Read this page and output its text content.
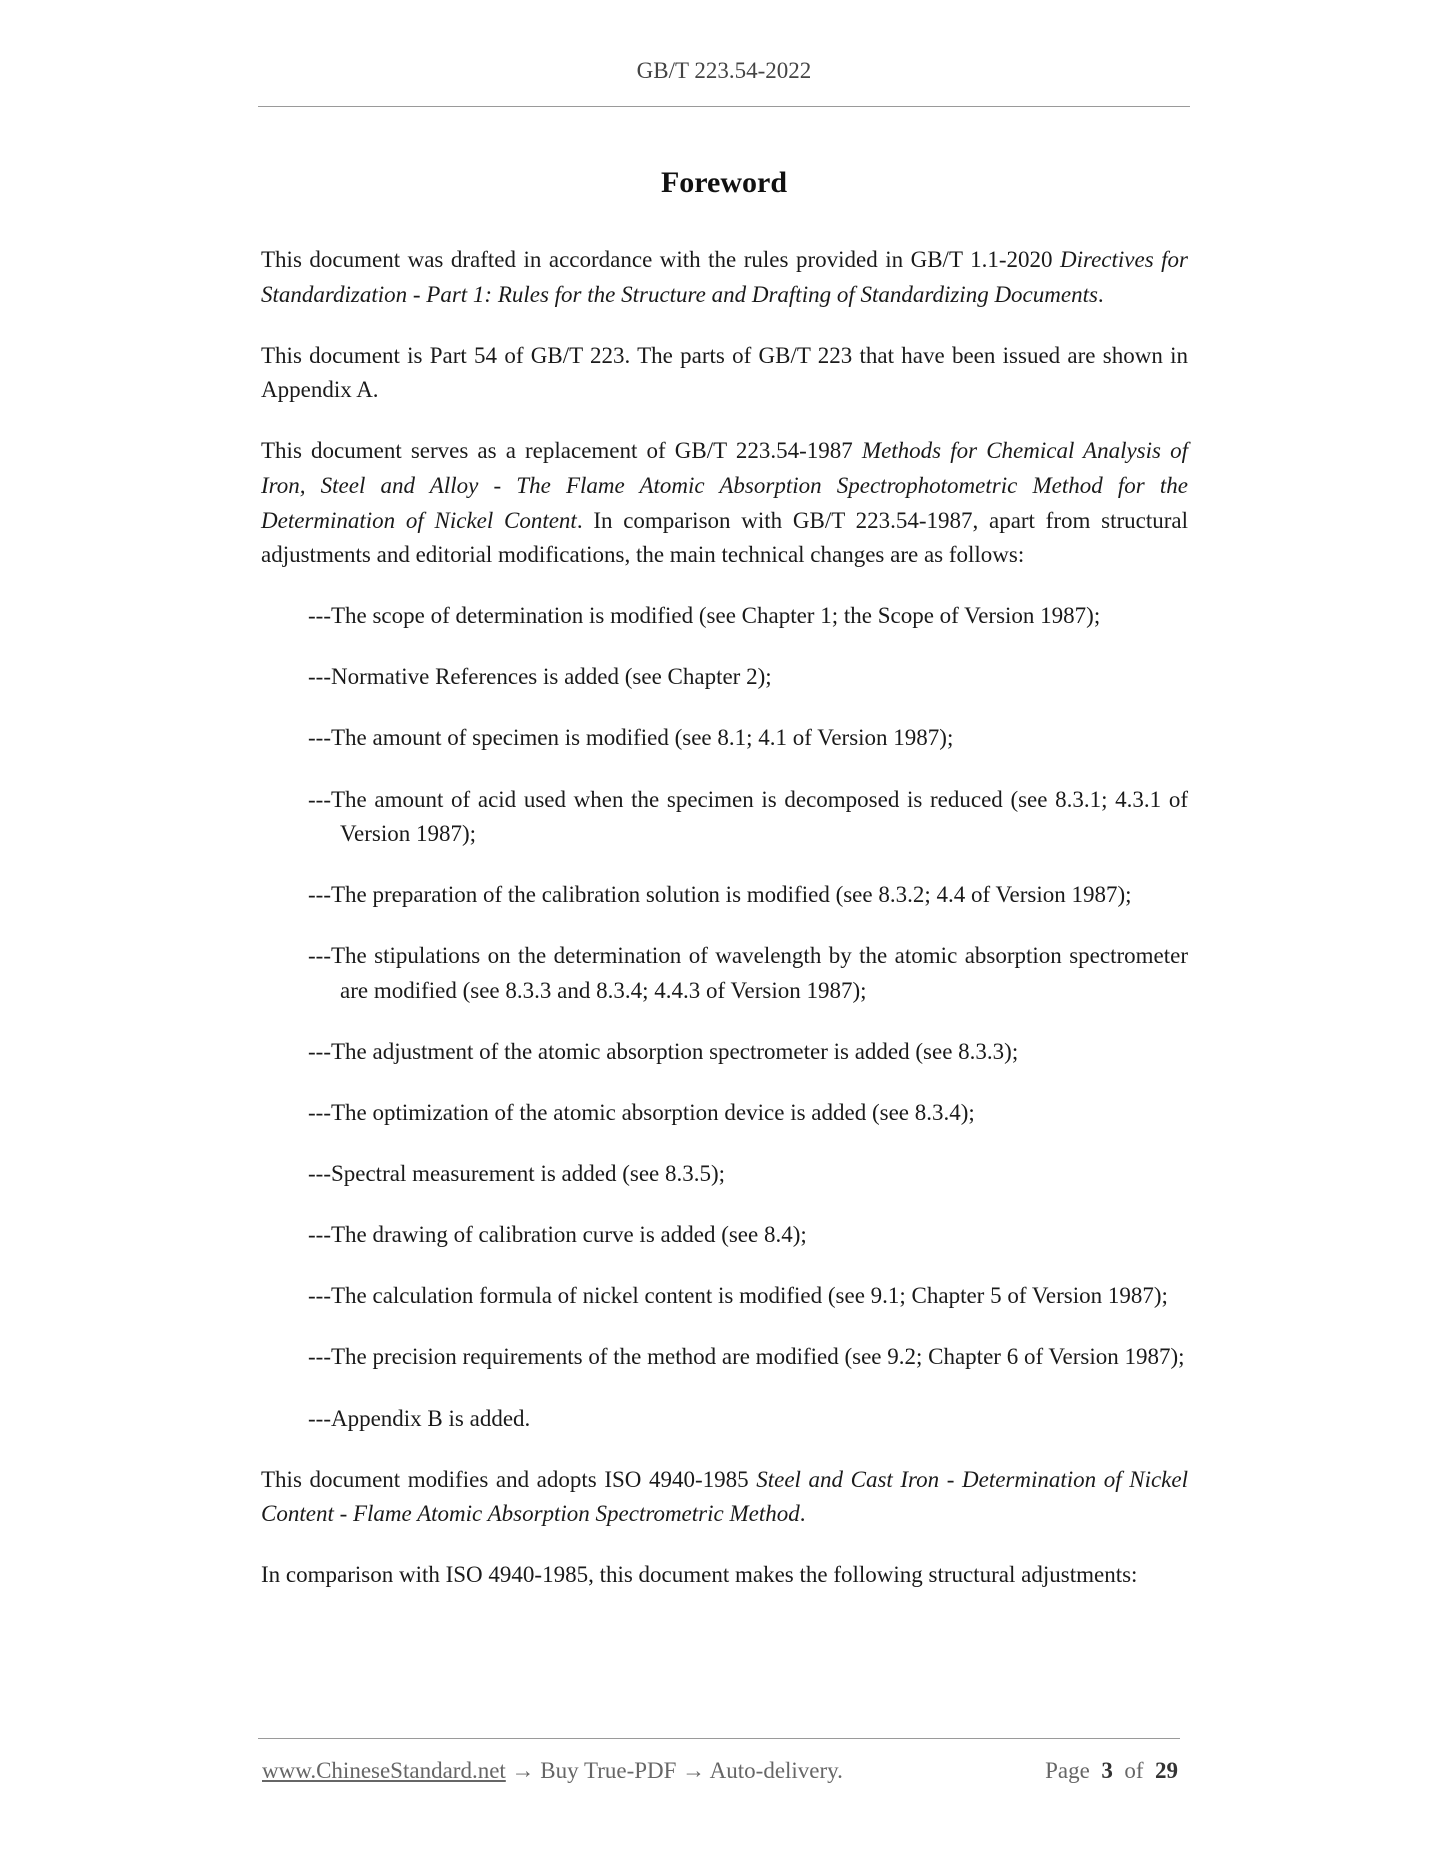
GB/T 223.54-2022
Foreword

This document was drafted in accordance with the rules provided in GB/T 1.1-2020 Directives for Standardization - Part 1: Rules for the Structure and Drafting of Standardizing Documents.

This document is Part 54 of GB/T 223. The parts of GB/T 223 that have been issued are shown in Appendix A.

This document serves as a replacement of GB/T 223.54-1987 Methods for Chemical Analysis of Iron, Steel and Alloy - The Flame Atomic Absorption Spectrophotometric Method for the Determination of Nickel Content. In comparison with GB/T 223.54-1987, apart from structural adjustments and editorial modifications, the main technical changes are as follows:

---The scope of determination is modified (see Chapter 1; the Scope of Version 1987);

---Normative References is added (see Chapter 2);

---The amount of specimen is modified (see 8.1; 4.1 of Version 1987);

---The amount of acid used when the specimen is decomposed is reduced (see 8.3.1; 4.3.1 of Version 1987);

---The preparation of the calibration solution is modified (see 8.3.2; 4.4 of Version 1987);

---The stipulations on the determination of wavelength by the atomic absorption spectrometer are modified (see 8.3.3 and 8.3.4; 4.4.3 of Version 1987);

---The adjustment of the atomic absorption spectrometer is added (see 8.3.3);

---The optimization of the atomic absorption device is added (see 8.3.4);

---Spectral measurement is added (see 8.3.5);

---The drawing of calibration curve is added (see 8.4);

---The calculation formula of nickel content is modified (see 9.1; Chapter 5 of Version 1987);

---The precision requirements of the method are modified (see 9.2; Chapter 6 of Version 1987);

---Appendix B is added.

This document modifies and adopts ISO 4940-1985 Steel and Cast Iron - Determination of Nickel Content - Flame Atomic Absorption Spectrometric Method.

In comparison with ISO 4940-1985, this document makes the following structural adjustments:

www.ChineseStandard.net → Buy True-PDF → Auto-delivery.	Page 3 of 29
